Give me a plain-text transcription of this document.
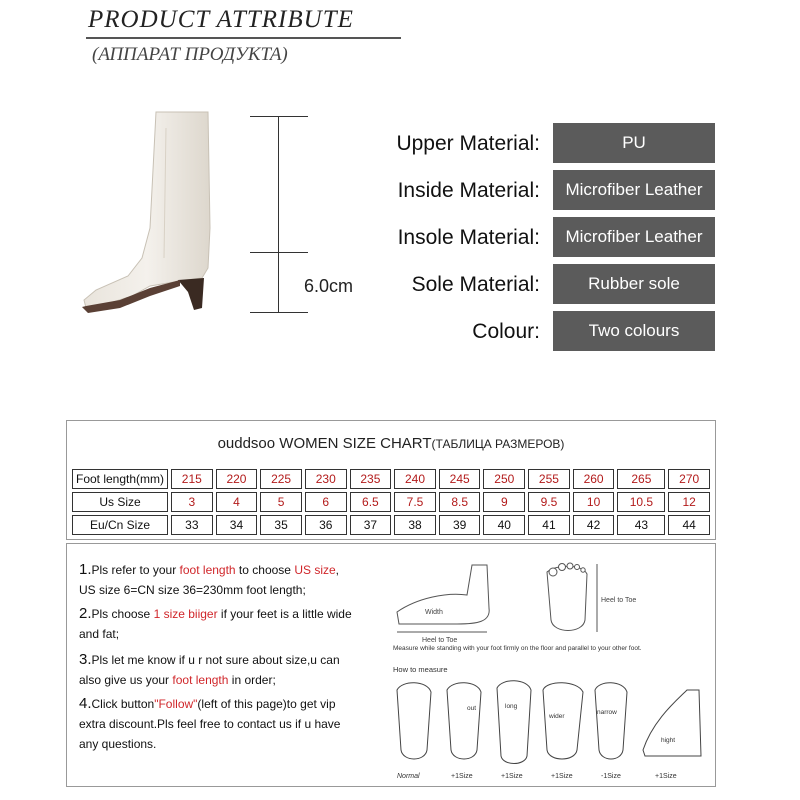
PRODUCT ATTRIBUTE
(АППАРАТ ПРОДУКТА)
6.0cm
Upper Material:	PU
Inside Material:	Microfiber Leather
Insole Material:	Microfiber Leather
Sole Material:	Rubber sole
Colour:	Two colours
ouddsoo WOMEN SIZE CHART (ТАБЛИЦА РАЗМЕРОВ)
Foot length(mm)	215	220	225	230	235	240	245	250	255	260	265	270
Us Size	3	4	5	6	6.5	7.5	8.5	9	9.5	10	10.5	12
Eu/Cn Size	33	34	35	36	37	38	39	40	41	42	43	44
1.Pls refer to your foot length to choose US size,
US size 6=CN size 36=230mm foot length;
2.Pls choose 1 size biiger if your feet is a little wide
and fat;
3.Pls let me know if u r not sure about size,u can
also give us your foot length in order;
4.Click button"Follow"(left of this page)to get vip
extra discount.Pls feel free to contact us if u have
any questions.
Width
Heel to Toe
Heel to Toe
Measure while standing with your foot firmly on the floor and parallel to your other foot.
How to measure
Normal
out
+1Size
long
+1Size
wider
+1Size
narrow
-1Size
hight
+1Size
